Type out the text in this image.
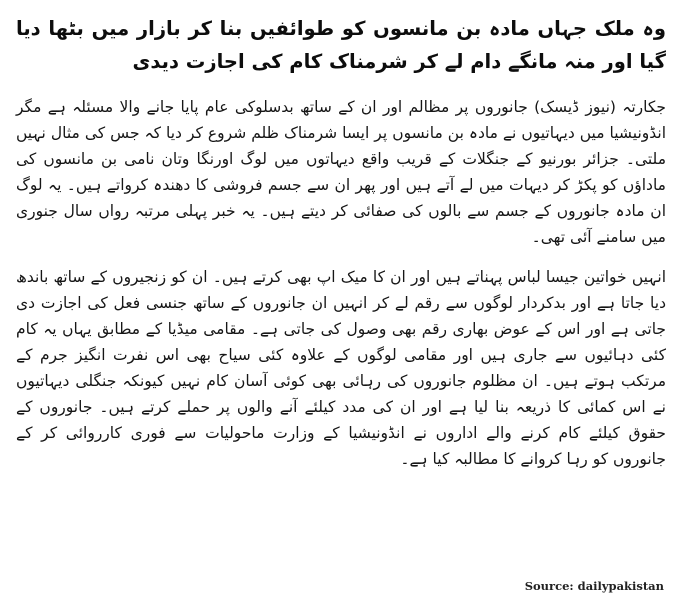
وہ ملک جہاں مادہ بن مانسوں کو طوائفیں بنا کر بازار میں بٹھا دیا گیا اور منہ مانگے دام لے کر شرمناک کام کی اجازت دیدی

جکارتہ (نیوز ڈیسک) جانوروں پر مظالم اور ان کے ساتھ بدسلوکی عام پایا جانے والا مسئلہ ہے مگر انڈونیشیا میں دیہاتیوں نے مادہ بن مانسوں پر ایسا شرمناک ظلم شروع کر دیا کہ جس کی مثال نہیں ملتی۔ جزائر بورنیو کے جنگلات کے قریب واقع دیہاتوں میں لوگ اورنگا وتان نامی بن مانسوں کی ماداؤں کو پکڑ کر دیہات میں لے آتے ہیں اور پھر ان سے جسم فروشی کا دھندہ کرواتے ہیں۔ یہ لوگ ان مادہ جانوروں کے جسم سے بالوں کی صفائی کر دیتے ہیں۔ یہ خبر پہلی مرتبہ رواں سال جنوری میں سامنے آئی تھی۔

انہیں خواتین جیسا لباس پہناتے ہیں اور ان کا میک اپ بھی کرتے ہیں۔ ان کو زنجیروں کے ساتھ باندھ دیا جاتا ہے اور بدکردار لوگوں سے رقم لے کر انہیں ان جانوروں کے ساتھ جنسی فعل کی اجازت دی جاتی ہے اور اس کے عوض بھاری رقم بھی وصول کی جاتی ہے۔ مقامی میڈیا کے مطابق یہاں یہ کام کئی دہائیوں سے جاری ہیں اور مقامی لوگوں کے علاوہ کئی سیاح بھی اس نفرت انگیز جرم کے مرتکب ہوتے ہیں۔ ان مظلوم جانوروں کی رہائی بھی کوئی آسان کام نہیں کیونکہ جنگلی دیہاتیوں نے اس کمائی کا ذریعہ بنا لیا ہے اور ان کی مدد کیلئے آنے والوں پر حملے کرتے ہیں۔ جانوروں کے حقوق کیلئے کام کرنے والے اداروں نے انڈونیشیا کے وزارت ماحولیات سے فوری کارروائی کر کے جانوروں کو رہا کروانے کا مطالبہ کیا ہے۔

Source: dailypakistan
